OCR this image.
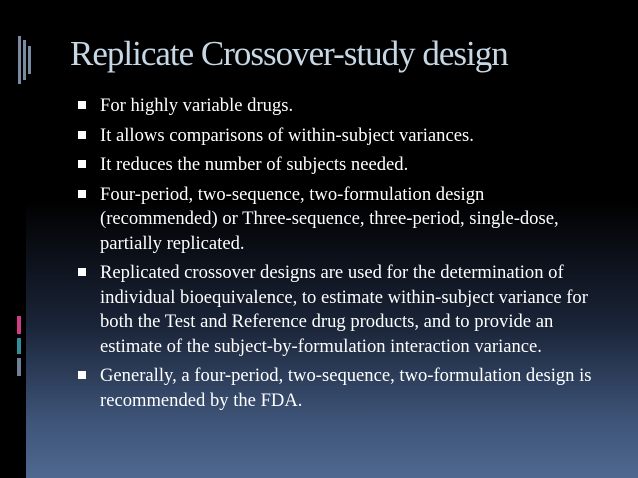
Replicate Crossover-study design
For highly variable drugs.
It allows comparisons of within-subject variances.
It reduces the number of subjects needed.
Four-period, two-sequence, two-formulation design (recommended) or Three-sequence, three-period, single-dose, partially replicated.
Replicated crossover designs are used for the determination of individual bioequivalence, to estimate within-subject variance for both the Test and Reference drug products, and to provide an estimate of the subject-by-formulation interaction variance.
Generally, a four-period, two-sequence, two-formulation design is recommended by the FDA.
